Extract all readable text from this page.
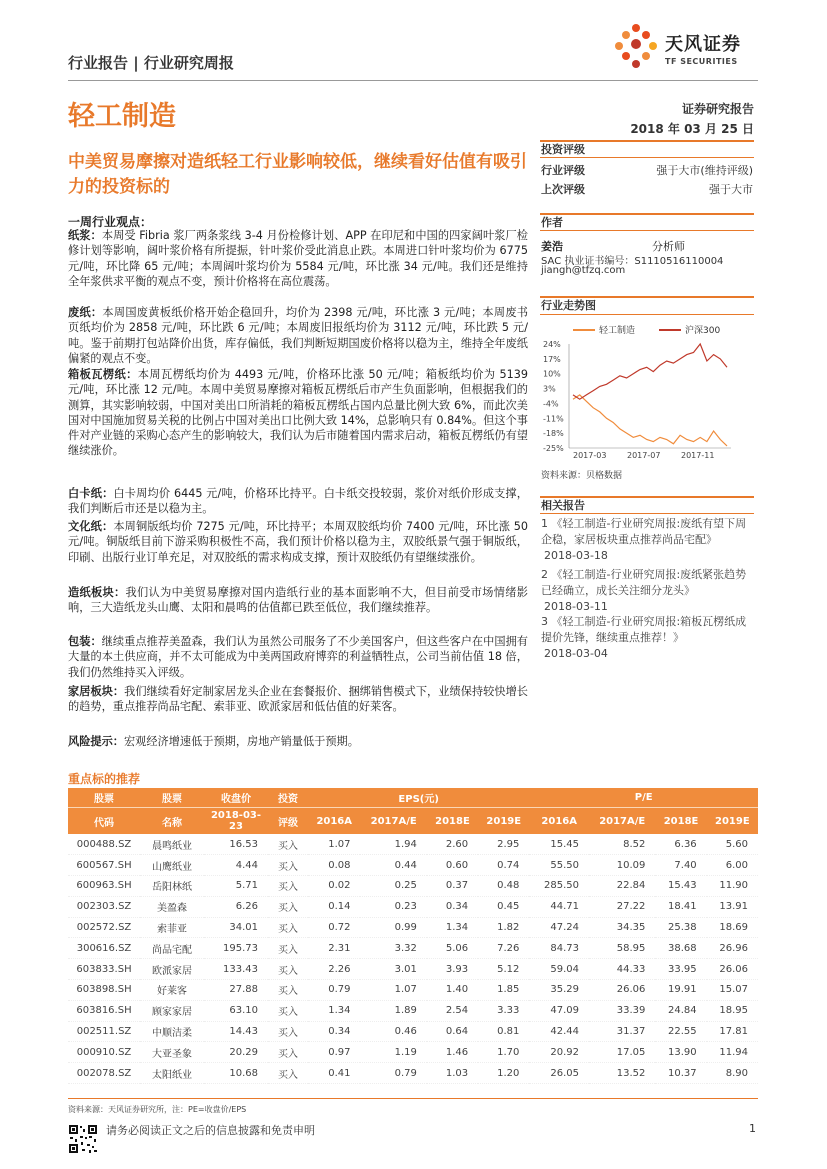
行业报告 | 行业研究周报
天风证券
TF SECURITIES
轻工制造	证券研究报告
2018 年 03 月 25 日
中美贸易摩擦对造纸轻工行业影响较低，继续看好估值有吸引力的投资标的
投资评级
行业评级	强于大市(维持评级)
上次评级	强于大市
作者
姜浩	分析师
SAC 执业证书编号：S1110516110004
jiangh@tfzq.com
行业走势图
轻工制造	沪深300
24%
17%
10%
3%
-4%
-11%
-18%
-25%
2017-03	2017-07	2017-11
资料来源：贝格数据
相关报告
1 《轻工制造-行业研究周报:废纸有望下周企稳，家居板块重点推荐尚品宅配》
2018-03-18
2 《轻工制造-行业研究周报:废纸紧张趋势已经确立，成长关注细分龙头》
2018-03-11
3 《轻工制造-行业研究周报:箱板瓦楞纸成提价先锋，继续重点推荐！》
2018-03-04
一周行业观点：
纸浆：本周受 Fibria 浆厂两条浆线 3-4 月份检修计划、APP 在印尼和中国的四家阔叶浆厂检修计划等影响，阔叶浆价格有所提振，针叶浆价受此消息止跌。本周进口针叶浆均价为 6775 元/吨，环比降 65 元/吨；本周阔叶浆均价为 5584 元/吨，环比涨 34 元/吨。我们还是维持全年浆供求平衡的观点不变，预计价格将在高位震荡。
废纸：本周国废黄板纸价格开始企稳回升，均价为 2398 元/吨，环比涨 3 元/吨；本周废书页纸均价为 2858 元/吨，环比跌 6 元/吨；本周废旧报纸均价为 3112 元/吨，环比跌 5 元/吨。鉴于前期打包站降价出货，库存偏低，我们判断短期国废价格将以稳为主，维持全年废纸偏紧的观点不变。
箱板瓦楞纸：本周瓦楞纸均价为 4493 元/吨，价格环比涨 50 元/吨；箱板纸均价为 5139 元/吨，环比涨 12 元/吨。本周中美贸易摩擦对箱板瓦楞纸后市产生负面影响，但根据我们的测算，其实影响较弱，中国对美出口所消耗的箱板瓦楞纸占国内总量比例大致 6%，而此次美国对中国施加贸易关税的比例占中国对美出口比例大致 14%，总影响只有 0.84%。但这个事件对产业链的采购心态产生的影响较大，我们认为后市随着国内需求启动，箱板瓦楞纸仍有望继续涨价。
白卡纸：白卡周均价 6445 元/吨，价格环比持平。白卡纸交投较弱，浆价对纸价形成支撑，我们判断后市还是以稳为主。
文化纸：本周铜版纸均价 7275 元/吨，环比持平；本周双胶纸均价 7400 元/吨，环比涨 50 元/吨。铜版纸目前下游采购积极性不高，我们预计价格以稳为主，双胶纸景气强于铜版纸，印刷、出版行业订单充足，对双胶纸的需求构成支撑，预计双胶纸仍有望继续涨价。
造纸板块：我们认为中美贸易摩擦对国内造纸行业的基本面影响不大，但目前受市场情绪影响，三大造纸龙头山鹰、太阳和晨鸣的估值都已跌至低位，我们继续推荐。
包装：继续重点推荐美盈森，我们认为虽然公司服务了不少美国客户，但这些客户在中国拥有大量的本土供应商，并不太可能成为中美两国政府博弈的利益牺牲点，公司当前估值 18 倍，我们仍然维持买入评级。
家居板块：我们继续看好定制家居龙头企业在套餐报价、捆绑销售模式下，业绩保持较快增长的趋势，重点推荐尚品宅配、索菲亚、欧派家居和低估值的好莱客。
风险提示：宏观经济增速低于预期，房地产销量低于预期。
重点标的推荐
股票	股票	收盘价	投资	EPS(元)				P/E			
代码	名称	2018-03-23	评级	2016A	2017A/E	2018E	2019E	2016A	2017A/E	2018E	2019E
000488.SZ	晨鸣纸业	16.53	买入	1.07	1.94	2.60	2.95	15.45	8.52	6.36	5.60
600567.SH	山鹰纸业	4.44	买入	0.08	0.44	0.60	0.74	55.50	10.09	7.40	6.00
600963.SH	岳阳林纸	5.71	买入	0.02	0.25	0.37	0.48	285.50	22.84	15.43	11.90
002303.SZ	美盈森	6.26	买入	0.14	0.23	0.34	0.45	44.71	27.22	18.41	13.91
002572.SZ	索菲亚	34.01	买入	0.72	0.99	1.34	1.82	47.24	34.35	25.38	18.69
300616.SZ	尚品宅配	195.73	买入	2.31	3.32	5.06	7.26	84.73	58.95	38.68	26.96
603833.SH	欧派家居	133.43	买入	2.26	3.01	3.93	5.12	59.04	44.33	33.95	26.06
603898.SH	好莱客	27.88	买入	0.79	1.07	1.40	1.85	35.29	26.06	19.91	15.07
603816.SH	顾家家居	63.10	买入	1.34	1.89	2.54	3.33	47.09	33.39	24.84	18.95
002511.SZ	中顺洁柔	14.43	买入	0.34	0.46	0.64	0.81	42.44	31.37	22.55	17.81
000910.SZ	大亚圣象	20.29	买入	0.97	1.19	1.46	1.70	20.92	17.05	13.90	11.94
002078.SZ	太阳纸业	10.68	买入	0.41	0.79	1.03	1.20	26.05	13.52	10.37	8.90
资料来源：天风证券研究所，注：PE=收盘价/EPS
请务必阅读正文之后的信息披露和免责申明	1
